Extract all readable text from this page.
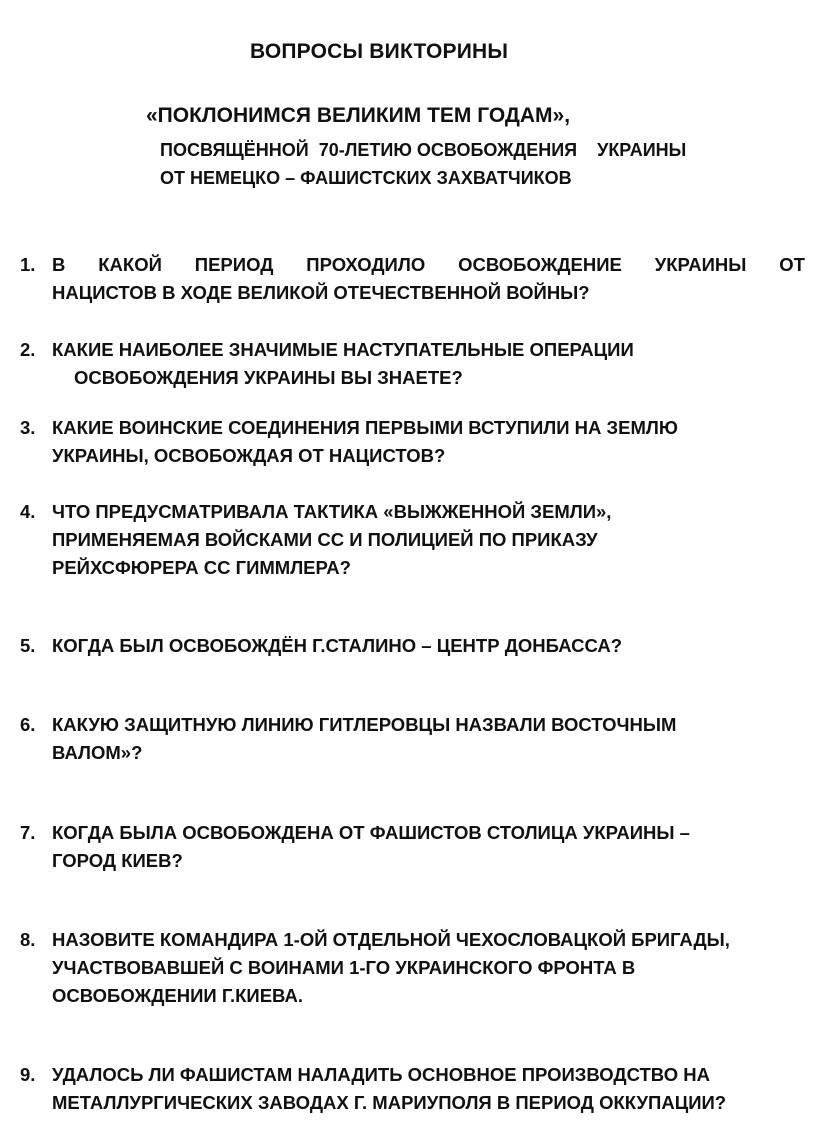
ВОПРОСЫ ВИКТОРИНЫ
«ПОКЛОНИМСЯ ВЕЛИКИМ ТЕМ ГОДАМ»,
ПОСВЯЩЁННОЙ  70-ЛЕТИЮ ОСВОБОЖДЕНИЯ    УКРАИНЫ
ОТ НЕМЕЦКО – ФАШИСТСКИХ ЗАХВАТЧИКОВ
1. В КАКОЙ ПЕРИОД ПРОХОДИЛО ОСВОБОЖДЕНИЕ УКРАИНЫ ОТ
НАЦИСТОВ В ХОДЕ ВЕЛИКОЙ ОТЕЧЕСТВЕННОЙ ВОЙНЫ?
2. КАКИЕ НАИБОЛЕЕ ЗНАЧИМЫЕ НАСТУПАТЕЛЬНЫЕ ОПЕРАЦИИ
ОСВОБОЖДЕНИЯ УКРАИНЫ ВЫ ЗНАЕТЕ?
3. КАКИЕ ВОИНСКИЕ СОЕДИНЕНИЯ ПЕРВЫМИ ВСТУПИЛИ НА ЗЕМЛЮ
УКРАИНЫ, ОСВОБОЖДАЯ ОТ НАЦИСТОВ?
4. ЧТО ПРЕДУСМАТРИВАЛА ТАКТИКА «ВЫЖЖЕННОЙ ЗЕМЛИ»,
ПРИМЕНЯЕМАЯ ВОЙСКАМИ СС И ПОЛИЦИЕЙ ПО ПРИКАЗУ
РЕЙХСФЮРЕРА СС ГИММЛЕРА?
5. КОГДА БЫЛ ОСВОБОЖДЁН Г.СТАЛИНО – ЦЕНТР ДОНБАССА?
6. КАКУЮ ЗАЩИТНУЮ ЛИНИЮ ГИТЛЕРОВЦЫ НАЗВАЛИ ВОСТОЧНЫМ
ВАЛОМ»?
7. КОГДА БЫЛА ОСВОБОЖДЕНА ОТ ФАШИСТОВ СТОЛИЦА УКРАИНЫ –
ГОРОД КИЕВ?
8. НАЗОВИТЕ КОМАНДИРА 1-ОЙ ОТДЕЛЬНОЙ ЧЕХОСЛОВАЦКОЙ БРИГАДЫ,
УЧАСТВОВАВШЕЙ С ВОИНАМИ 1-ГО УКРАИНСКОГО ФРОНТА В
ОСВОБОЖДЕНИИ Г.КИЕВА.
9. УДАЛОСЬ ЛИ ФАШИСТАМ НАЛАДИТЬ ОСНОВНОЕ ПРОИЗВОДСТВО НА
МЕТАЛЛУРГИЧЕСКИХ ЗАВОДАХ Г. МАРИУПОЛЯ В ПЕРИОД ОККУПАЦИИ?
